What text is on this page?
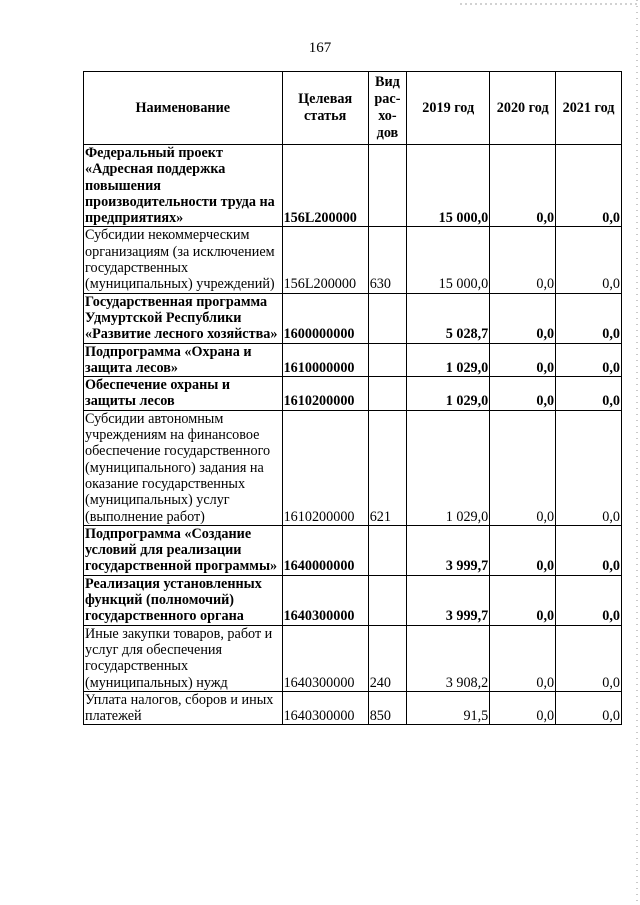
167
Наименование	Целевая статья	Вид рас-хо-дов	2019 год	2020 год	2021 год
Федеральный проект «Адресная поддержка повышения производительности труда на предприятиях»	156L200000		15 000,0	0,0	0,0
Субсидии некоммерческим организациям (за исключением государственных (муниципальных) учреждений)	156L200000	630	15 000,0	0,0	0,0
Государственная программа Удмуртской Республики «Развитие лесного хозяйства»	1600000000		5 028,7	0,0	0,0
Подпрограмма «Охрана и защита лесов»	1610000000		1 029,0	0,0	0,0
Обеспечение охраны и защиты лесов	1610200000		1 029,0	0,0	0,0
Субсидии автономным учреждениям на финансовое обеспечение государственного (муниципального) задания на оказание государственных (муниципальных) услуг (выполнение работ)	1610200000	621	1 029,0	0,0	0,0
Подпрограмма «Создание условий для реализации государственной программы»	1640000000		3 999,7	0,0	0,0
Реализация установленных функций (полномочий) государственного органа	1640300000		3 999,7	0,0	0,0
Иные закупки товаров, работ и услуг для обеспечения государственных (муниципальных) нужд	1640300000	240	3 908,2	0,0	0,0
Уплата налогов, сборов и иных платежей	1640300000	850	91,5	0,0	0,0
